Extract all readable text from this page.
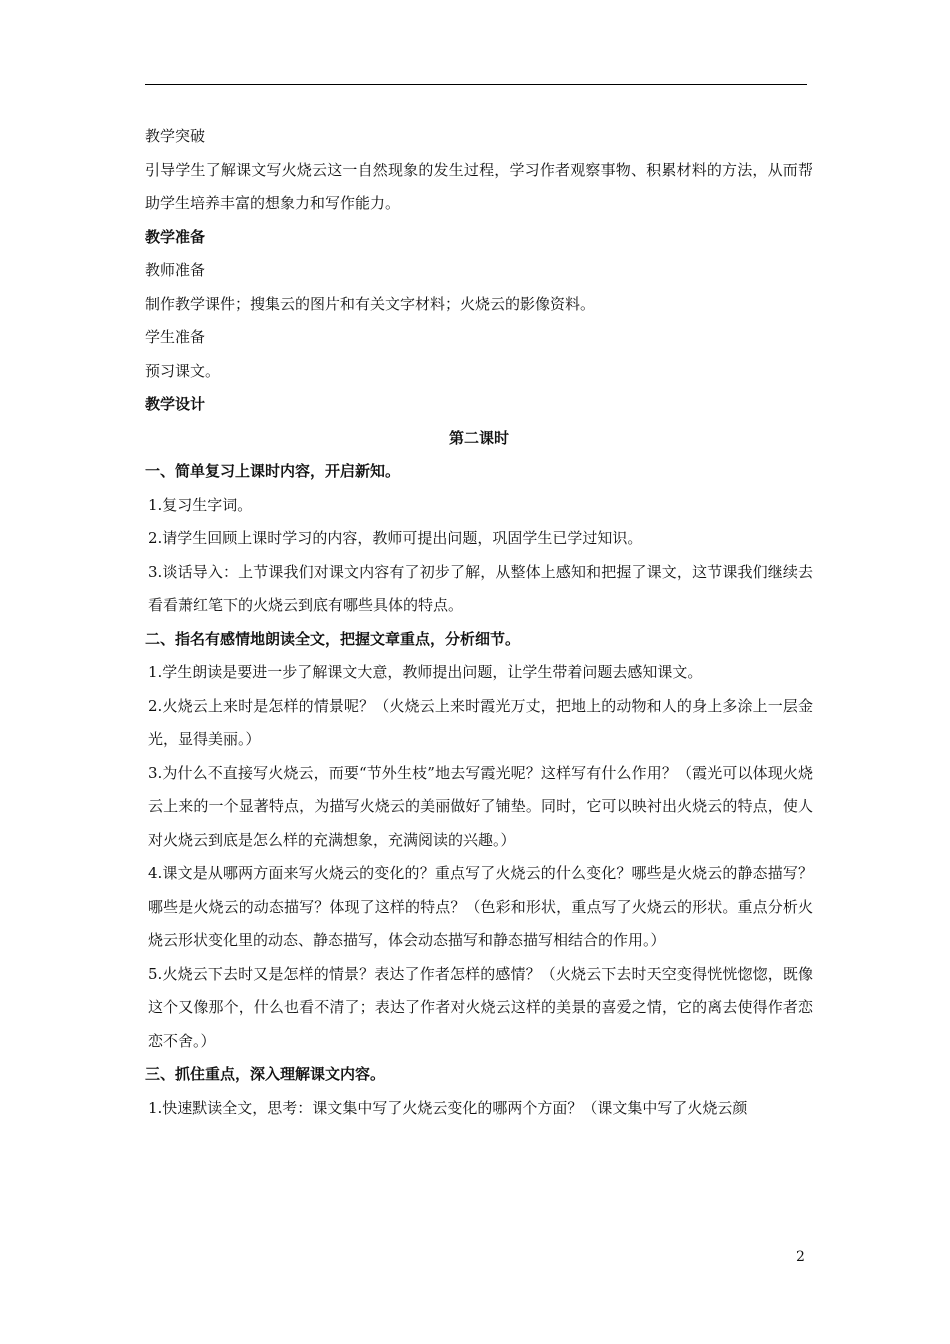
教学突破
引导学生了解课文写火烧云这一自然现象的发生过程，学习作者观察事物、积累材料的方法，从而帮助学生培养丰富的想象力和写作能力。
教学准备
教师准备
制作教学课件；搜集云的图片和有关文字材料；火烧云的影像资料。
学生准备
预习课文。
教学设计
第二课时
一、简单复习上课时内容，开启新知。
1.复习生字词。
2.请学生回顾上课时学习的内容，教师可提出问题，巩固学生已学过知识。
3.谈话导入：上节课我们对课文内容有了初步了解，从整体上感知和把握了课文，这节课我们继续去看看萧红笔下的火烧云到底有哪些具体的特点。
二、指名有感情地朗读全文，把握文章重点，分析细节。
1.学生朗读是要进一步了解课文大意，教师提出问题，让学生带着问题去感知课文。
2.火烧云上来时是怎样的情景呢？（火烧云上来时霞光万丈，把地上的动物和人的身上多涂上一层金光，显得美丽。）
3.为什么不直接写火烧云，而要“节外生枝”地去写霞光呢？这样写有什么作用？（霞光可以体现火烧云上来的一个显著特点，为描写火烧云的美丽做好了铺垫。同时，它可以映衬出火烧云的特点，使人对火烧云到底是怎么样的充满想象，充满阅读的兴趣。）
4.课文是从哪两方面来写火烧云的变化的？重点写了火烧云的什么变化？哪些是火烧云的静态描写？哪些是火烧云的动态描写？体现了这样的特点？（色彩和形状，重点写了火烧云的形状。重点分析火烧云形状变化里的动态、静态描写，体会动态描写和静态描写相结合的作用。）
5.火烧云下去时又是怎样的情景？表达了作者怎样的感情？（火烧云下去时天空变得恍恍惚惚，既像这个又像那个，什么也看不清了；表达了作者对火烧云这样的美景的喜爱之情，它的离去使得作者恋恋不舍。）
三、抓住重点，深入理解课文内容。
1.快速默读全文，思考：课文集中写了火烧云变化的哪两个方面？（课文集中写了火烧云颜
2
